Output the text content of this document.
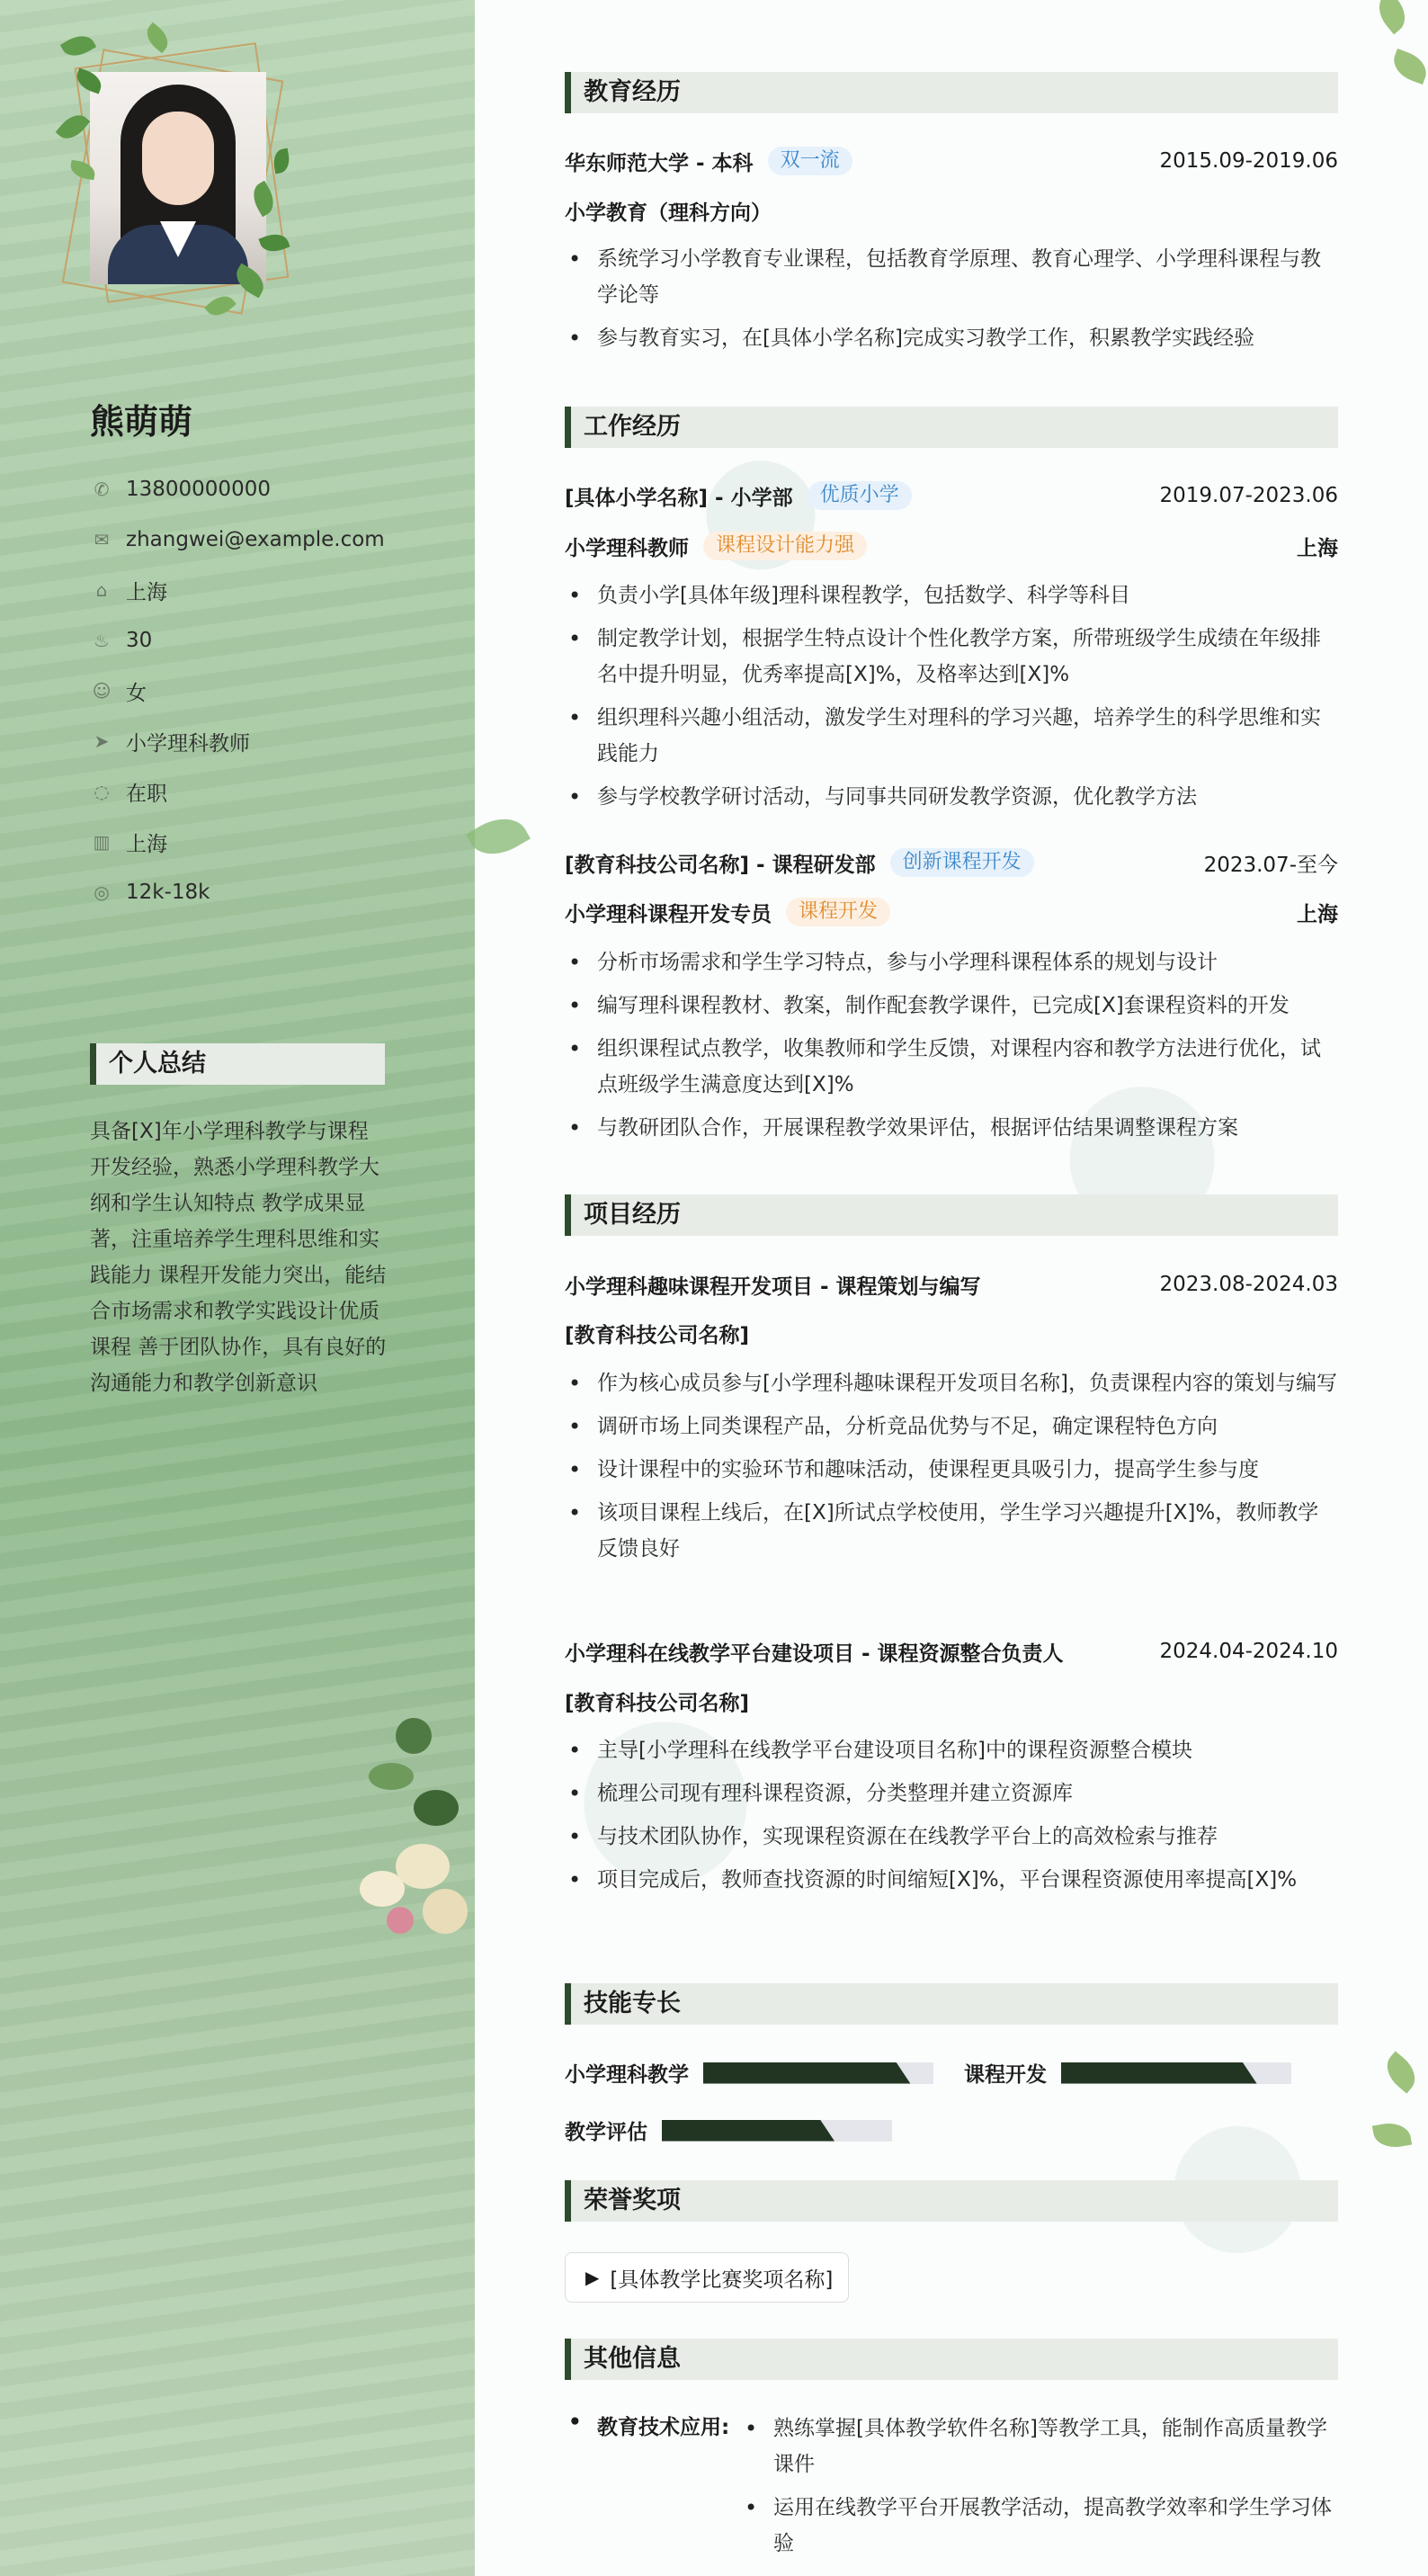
熊萌萌
✆ 13800000000
✉ zhangwei@example.com
⌂ 上海
♨ 30
☺ 女
➤ 小学理科教师
◌ 在职
▥ 上海
◎ 12k-18k
个人总结
具备[X]年小学理科教学与课程开发经验，熟悉小学理科教学大纲和学生认知特点 教学成果显著，注重培养学生理科思维和实践能力 课程开发能力突出，能结合市场需求和教学实践设计优质课程 善于团队协作，具有良好的沟通能力和教学创新意识
教育经历
华东师范大学 - 本科	双一流	2015.09-2019.06
小学教育（理科方向）
• 系统学习小学教育专业课程，包括教育学原理、教育心理学、小学理科课程与教学论等
• 参与教育实习，在[具体小学名称]完成实习教学工作，积累教学实践经验
工作经历
[具体小学名称] - 小学部	优质小学	2019.07-2023.06
小学理科教师	课程设计能力强	上海
• 负责小学[具体年级]理科课程教学，包括数学、科学等科目
• 制定教学计划，根据学生特点设计个性化教学方案，所带班级学生成绩在年级排名中提升明显，优秀率提高[X]%，及格率达到[X]%
• 组织理科兴趣小组活动，激发学生对理科的学习兴趣，培养学生的科学思维和实践能力
• 参与学校教学研讨活动，与同事共同研发教学资源，优化教学方法
[教育科技公司名称] - 课程研发部	创新课程开发	2023.07-至今
小学理科课程开发专员	课程开发	上海
• 分析市场需求和学生学习特点，参与小学理科课程体系的规划与设计
• 编写理科课程教材、教案，制作配套教学课件，已完成[X]套课程资料的开发
• 组织课程试点教学，收集教师和学生反馈，对课程内容和教学方法进行优化，试点班级学生满意度达到[X]%
• 与教研团队合作，开展课程教学效果评估，根据评估结果调整课程方案
项目经历
小学理科趣味课程开发项目 - 课程策划与编写	2023.08-2024.03
[教育科技公司名称]
• 作为核心成员参与[小学理科趣味课程开发项目名称]，负责课程内容的策划与编写
• 调研市场上同类课程产品，分析竞品优势与不足，确定课程特色方向
• 设计课程中的实验环节和趣味活动，使课程更具吸引力，提高学生参与度
• 该项目课程上线后，在[X]所试点学校使用，学生学习兴趣提升[X]%，教师教学反馈良好
小学理科在线教学平台建设项目 - 课程资源整合负责人	2024.04-2024.10
[教育科技公司名称]
• 主导[小学理科在线教学平台建设项目名称]中的课程资源整合模块
• 梳理公司现有理科课程资源，分类整理并建立资源库
• 与技术团队协作，实现课程资源在在线教学平台上的高效检索与推荐
• 项目完成后，教师查找资源的时间缩短[X]%，平台课程资源使用率提高[X]%
技能专长
小学理科教学	课程开发
教学评估
荣誉奖项
▶ [具体教学比赛奖项名称]
其他信息
• 教育技术应用:
•	熟练掌握[具体教学软件名称]等教学工具，能制作高质量教学课件
• 运用在线教学平台开展教学活动，提高教学效率和学生学习体验
